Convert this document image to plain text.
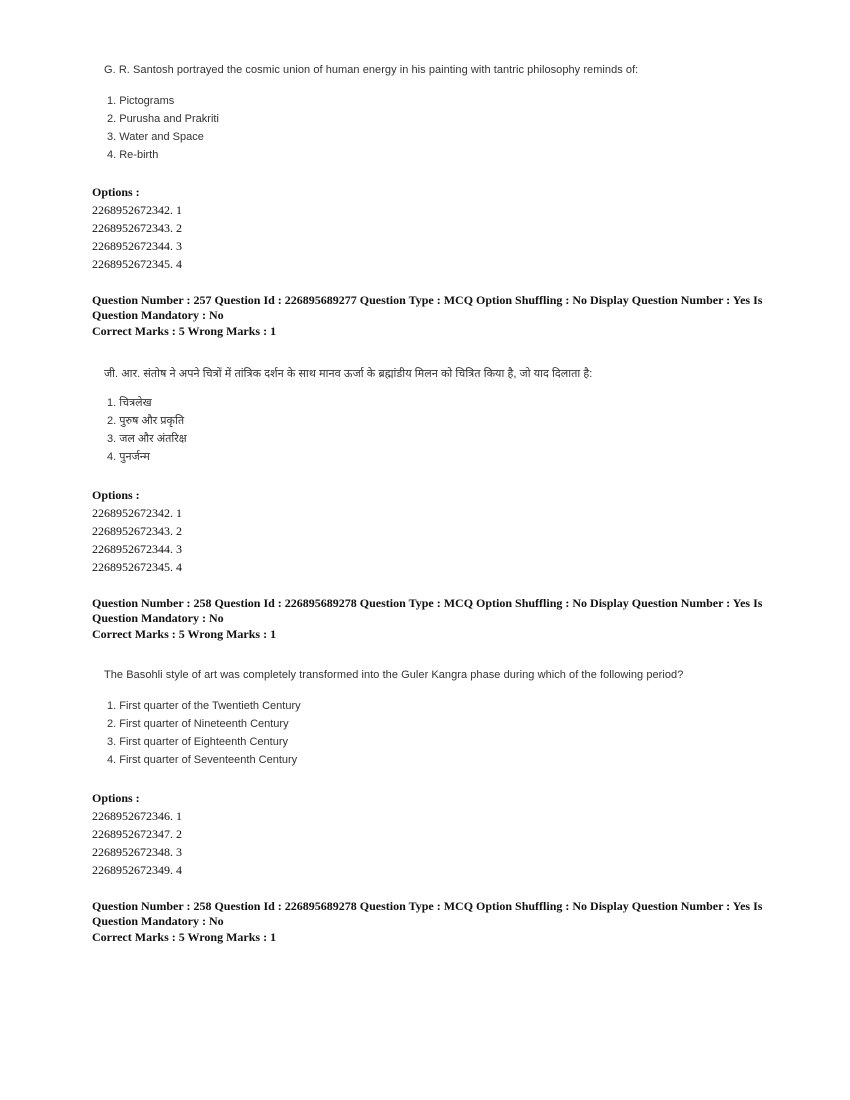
G. R. Santosh portrayed the cosmic union of human energy in his painting with tantric philosophy reminds of:
1. Pictograms
2. Purusha and Prakriti
3. Water and Space
4. Re-birth
Options :
2268952672342. 1
2268952672343. 2
2268952672344. 3
2268952672345. 4
Question Number : 257 Question Id : 226895689277 Question Type : MCQ Option Shuffling : No Display Question Number : Yes Is
Question Mandatory : No
Correct Marks : 5 Wrong Marks : 1
जी. आर. संतोष ने अपने चित्रों में तांत्रिक दर्शन के साथ मानव ऊर्जा के ब्रह्मांडीय मिलन को चित्रित किया है, जो याद दिलाता है:
1. चित्रलेख
2. पुरुष और प्रकृति
3. जल और अंतरिक्ष
4. पुनर्जन्म
Options :
2268952672342. 1
2268952672343. 2
2268952672344. 3
2268952672345. 4
Question Number : 258 Question Id : 226895689278 Question Type : MCQ Option Shuffling : No Display Question Number : Yes Is
Question Mandatory : No
Correct Marks : 5 Wrong Marks : 1
The Basohli style of art was completely transformed into the Guler Kangra phase during which of the following period?
1. First quarter of the Twentieth Century
2. First quarter of Nineteenth Century
3. First quarter of Eighteenth Century
4. First quarter of Seventeenth Century
Options :
2268952672346. 1
2268952672347. 2
2268952672348. 3
2268952672349. 4
Question Number : 258 Question Id : 226895689278 Question Type : MCQ Option Shuffling : No Display Question Number : Yes Is
Question Mandatory : No
Correct Marks : 5 Wrong Marks : 1
